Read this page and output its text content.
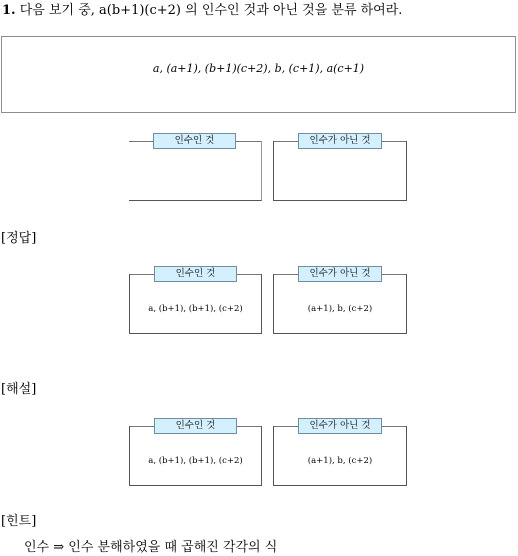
1. 다음 보기 중, a(b+1)(c+2) 의 인수인 것과 아닌 것을 분류 하여라.
a, (a+1), (b+1)(c+2), b, (c+1), a(c+1)
인수인 것	인수가 아닌 것
[정답]
인수인 것
a, (b+1), (b+1), (c+2)
인수가 아닌 것
(a+1), b, (c+2)
[해설]
인수인 것
a, (b+1), (b+1), (c+2)
인수가 아닌 것
(a+1), b, (c+2)
[힌트]
인수 ⇒ 인수 분해하였을 때 곱해진 각각의 식
